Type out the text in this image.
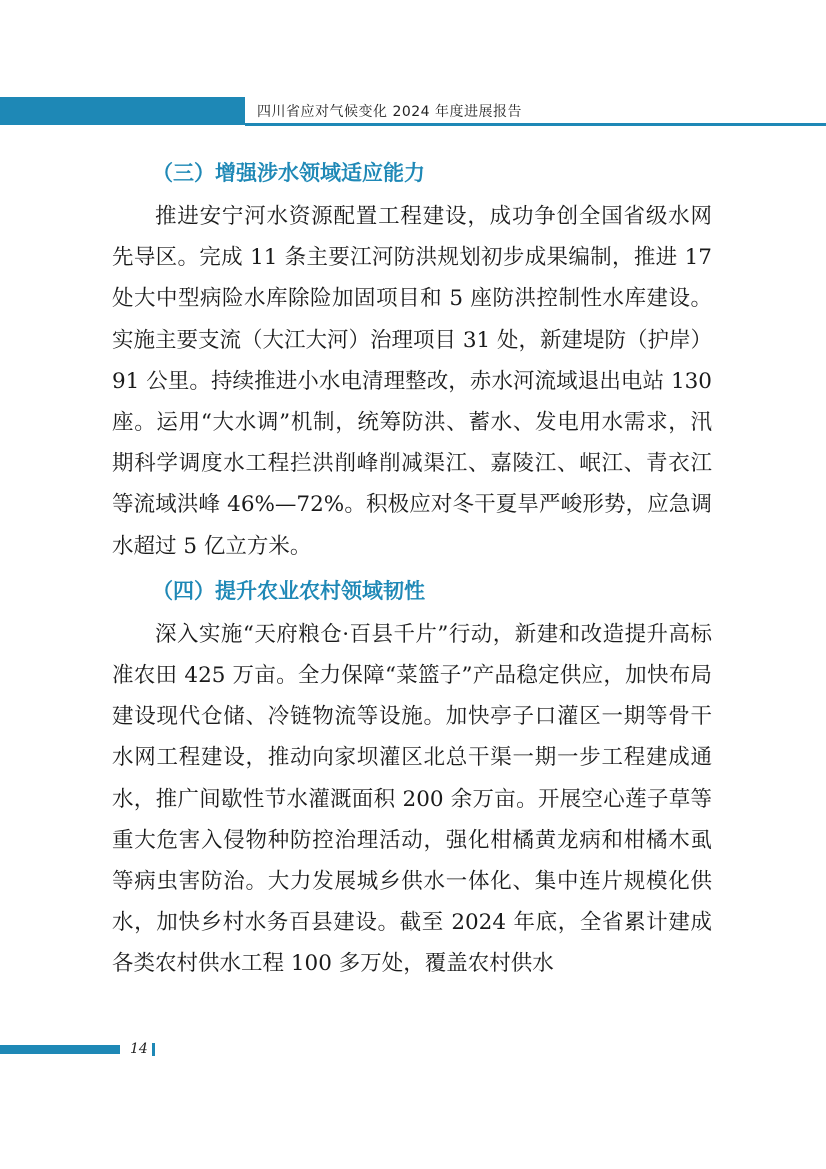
四川省应对气候变化 2024 年度进展报告
（三）增强涉水领域适应能力

推进安宁河水资源配置工程建设，成功争创全国省级水网先导区。完成 11 条主要江河防洪规划初步成果编制，推进 17 处大中型病险水库除险加固项目和 5 座防洪控制性水库建设。实施主要支流（大江大河）治理项目 31 处，新建堤防（护岸）91 公里。持续推进小水电清理整改，赤水河流域退出电站 130 座。运用“大水调”机制，统筹防洪、蓄水、发电用水需求，汛期科学调度水工程拦洪削峰削减渠江、嘉陵江、岷江、青衣江等流域洪峰 46%—72%。积极应对冬干夏旱严峻形势，应急调水超过 5 亿立方米。

（四）提升农业农村领域韧性

深入实施“天府粮仓·百县千片”行动，新建和改造提升高标准农田 425 万亩。全力保障“菜篮子”产品稳定供应，加快布局建设现代仓储、冷链物流等设施。加快亭子口灌区一期等骨干水网工程建设，推动向家坝灌区北总干渠一期一步工程建成通水，推广间歇性节水灌溉面积 200 余万亩。开展空心莲子草等重大危害入侵物种防控治理活动，强化柑橘黄龙病和柑橘木虱等病虫害防治。大力发展城乡供水一体化、集中连片规模化供水，加快乡村水务百县建设。截至 2024 年底，全省累计建成各类农村供水工程 100 多万处，覆盖农村供水

14
